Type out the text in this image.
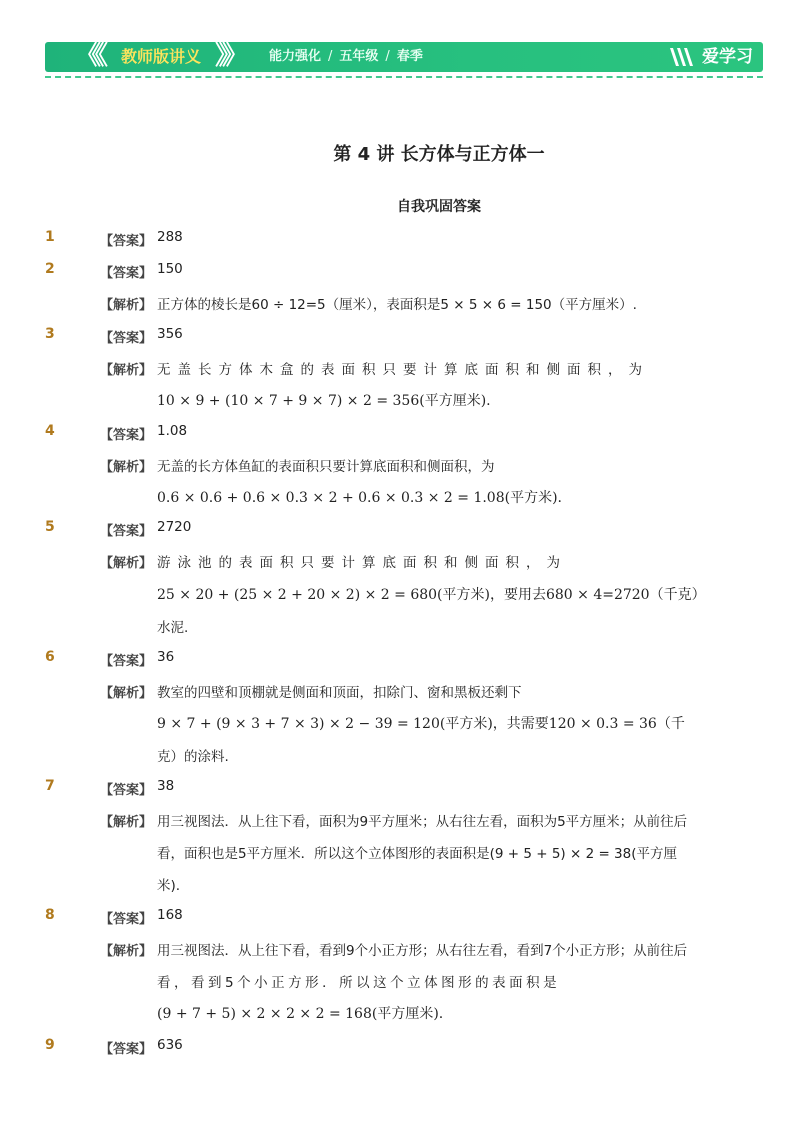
《《 教师版讲义 》》 能力强化 / 五年级 / 春季	爱学习
第 4 讲 长方体与正方体一
自我巩固答案
1	【答案】 288
2	【答案】 150
【解析】 正方体的棱长是60 ÷ 12=5（厘米），表面积是5 × 5 × 6 = 150（平方厘米）.
3	【答案】 356
【解析】 无盖长方体木盒的表面积只要计算底面积和侧面积，为
10 × 9 + (10 × 7 + 9 × 7) × 2 = 356(平方厘米).
4	【答案】 1.08
【解析】 无盖的长方体鱼缸的表面积只要计算底面积和侧面积，为
0.6 × 0.6 + 0.6 × 0.3 × 2 + 0.6 × 0.3 × 2 = 1.08(平方米).
5	【答案】 2720
【解析】 游泳池的表面积只要计算底面积和侧面积，为
25 × 20 + (25 × 2 + 20 × 2) × 2 = 680(平方米)，要用去680 × 4=2720（千克）
水泥.
6	【答案】 36
【解析】 教室的四壁和顶棚就是侧面和顶面，扣除门、窗和黑板还剩下
9 × 7 + (9 × 3 + 7 × 3) × 2 − 39 = 120(平方米)，共需要120 × 0.3 = 36（千
克）的涂料.
7	【答案】 38
【解析】 用三视图法．从上往下看，面积为9平方厘米；从右往左看，面积为5平方厘米；从前往后
看，面积也是5平方厘米．所以这个立体图形的表面积是(9 + 5 + 5) × 2 = 38(平方厘
米).
8	【答案】 168
【解析】 用三视图法．从上往下看，看到9个小正方形；从右往左看，看到7个小正方形；从前往后
看，看到5个小正方形．所以这个立体图形的表面积是
(9 + 7 + 5) × 2 × 2 × 2 = 168(平方厘米).
9	【答案】 636
